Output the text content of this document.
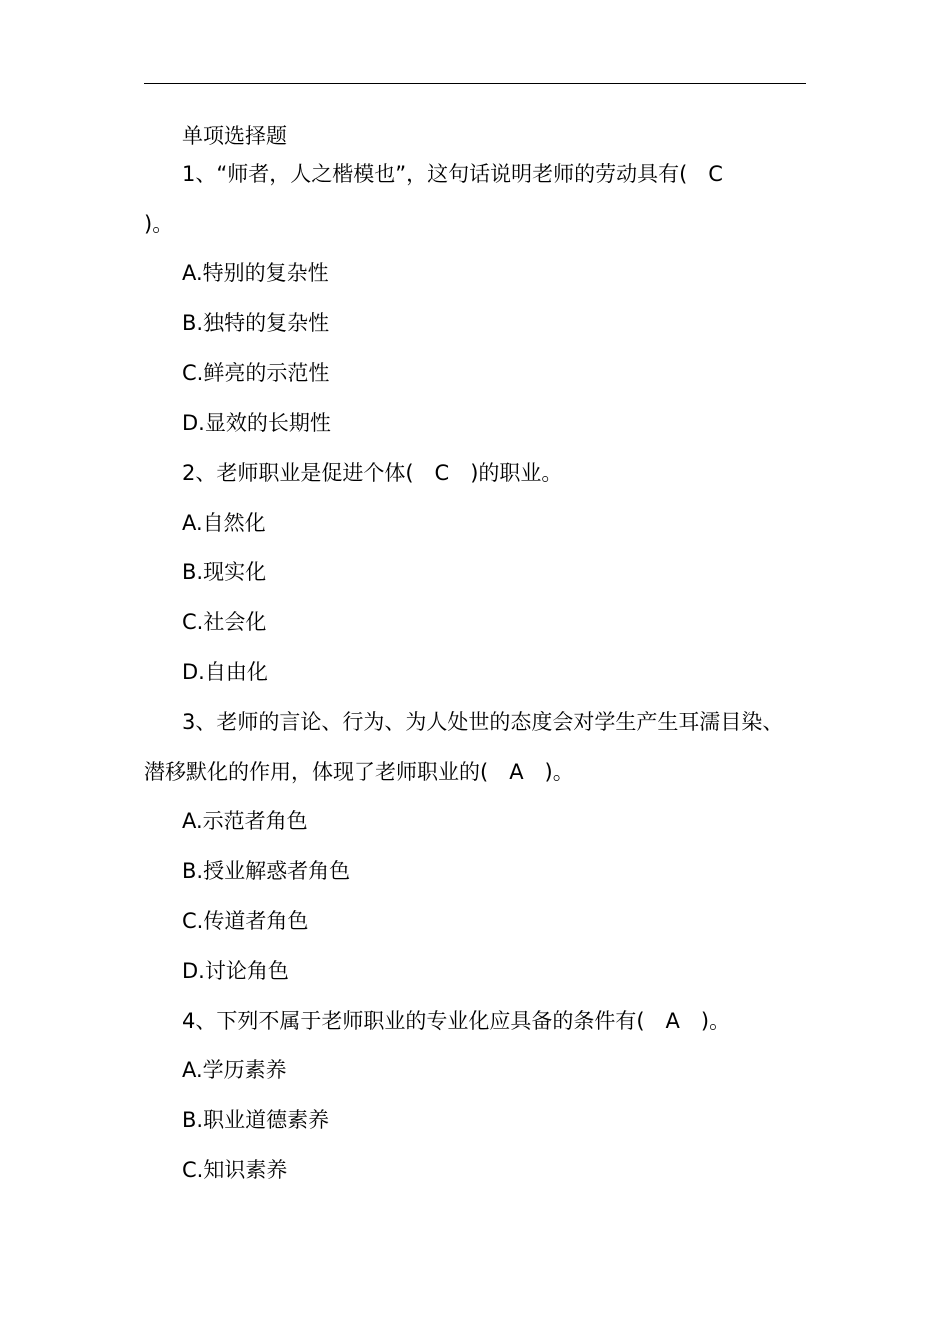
单项选择题
1、“师者，人之楷模也”，这句话说明老师的劳动具有(　C
)。
A.特别的复杂性
B.独特的复杂性
C.鲜亮的示范性
D.显效的长期性
2、老师职业是促进个体(　C　)的职业。
A.自然化
B.现实化
C.社会化
D.自由化
3、老师的言论、行为、为人处世的态度会对学生产生耳濡目染、
潜移默化的作用，体现了老师职业的(　A　)。
A.示范者角色
B.授业解惑者角色
C.传道者角色
D.讨论角色
4、下列不属于老师职业的专业化应具备的条件有(　A　)。
A.学历素养
B.职业道德素养
C.知识素养
